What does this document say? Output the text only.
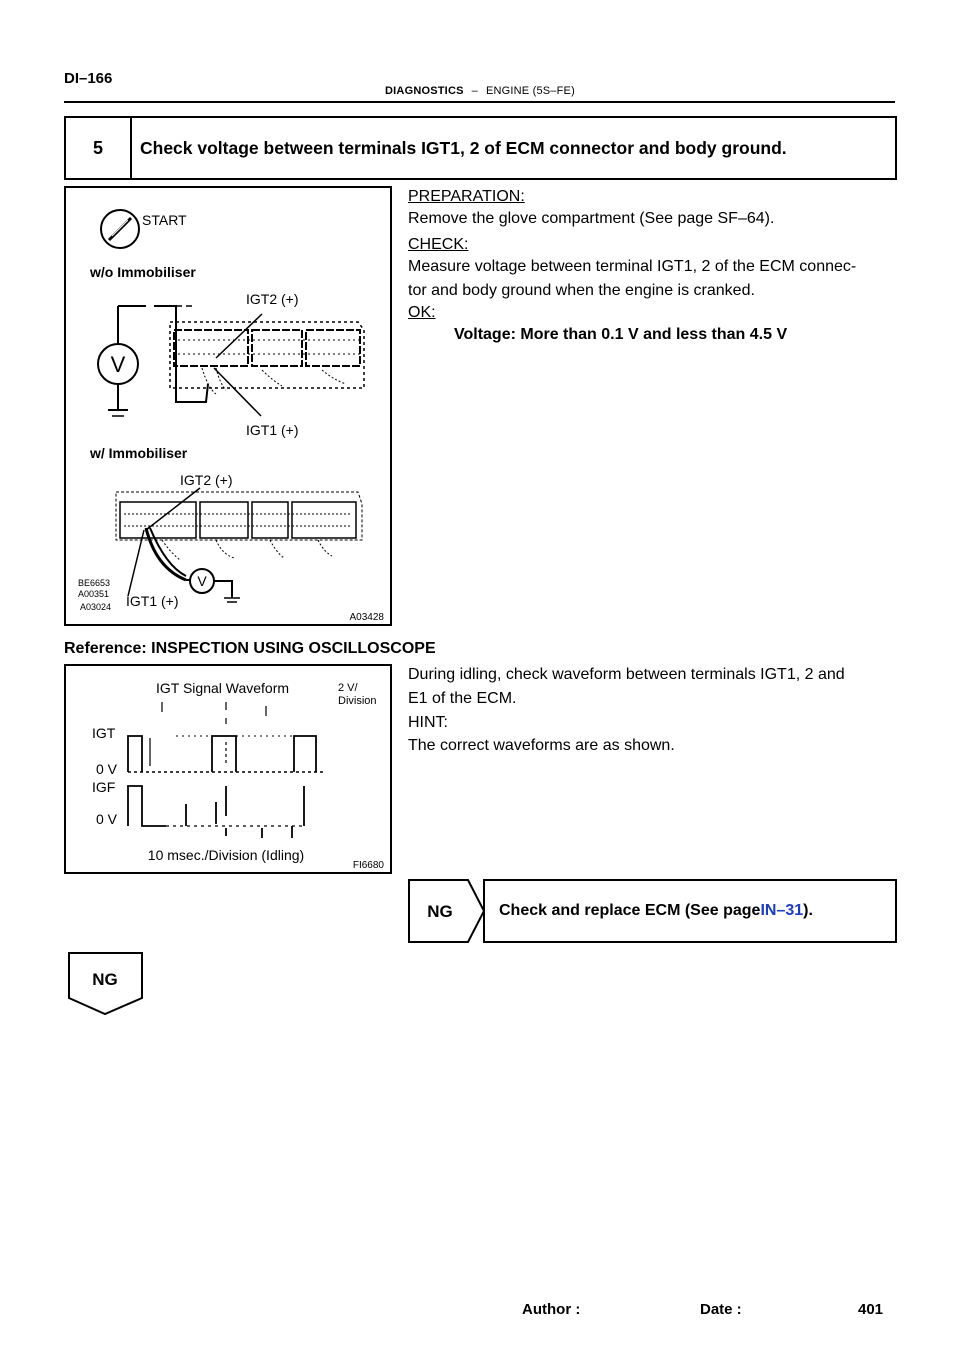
DI–166
DIAGNOSTICS – ENGINE (5S–FE)
5	Check voltage between terminals IGT1, 2 of ECM connector and body ground.
START
w/o Immobiliser
IGT2 (+)
V
IGT1 (+)
w/ Immobiliser
IGT2 (+)
V
IGT1 (+)
BE6653
A00351
A03024
A03428
PREPARATION:
Remove the glove compartment (See page SF–64).
CHECK:
Measure voltage between terminal IGT1, 2 of the ECM connec-
tor and body ground when the engine is cranked.
OK:
Voltage: More than 0.1 V and less than 4.5 V
Reference: INSPECTION USING OSCILLOSCOPE
During idling, check waveform between terminals IGT1, 2 and
E1 of the ECM.
HINT:
The correct waveforms are as shown.
IGT Signal Waveform	2 V/
Division
IGT
0 V
IGF
0 V
10 msec./Division (Idling)
FI6680
NG	Check and replace ECM (See page IN–31 ).
NG
Author :	Date :	401
